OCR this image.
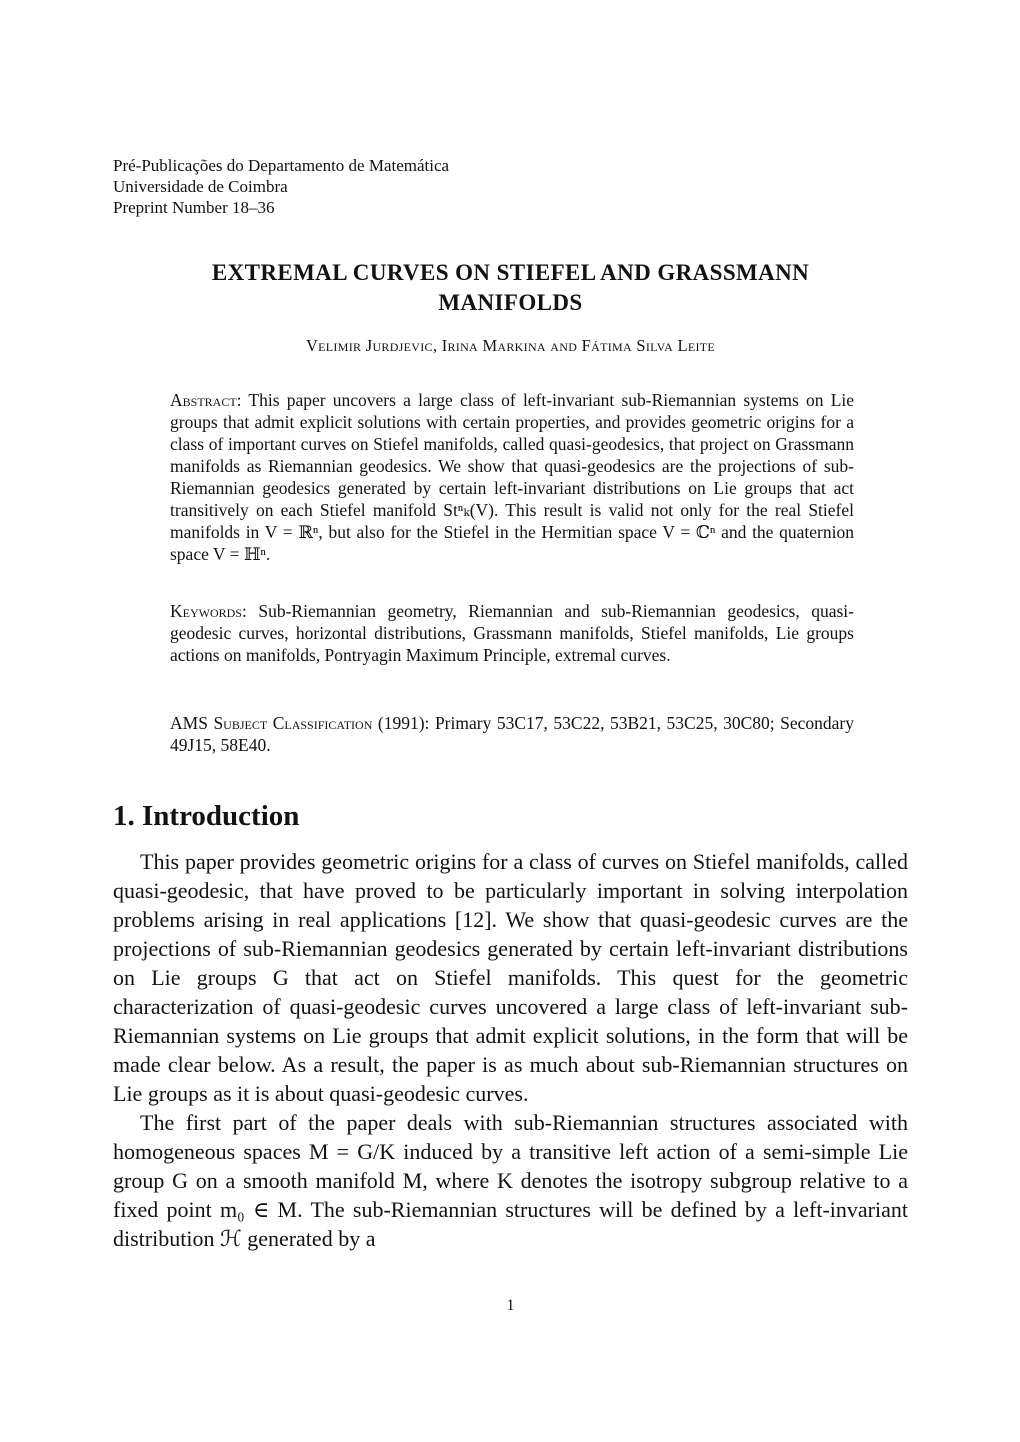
Pré-Publicações do Departamento de Matemática
Universidade de Coimbra
Preprint Number 18–36
EXTREMAL CURVES ON STIEFEL AND GRASSMANN
MANIFOLDS
Velimir Jurdjevic, Irina Markina and Fátima Silva Leite

Abstract: This paper uncovers a large class of left-invariant sub-Riemannian systems on Lie groups that admit explicit solutions with certain properties, and provides geometric origins for a class of important curves on Stiefel manifolds, called quasi-geodesics, that project on Grassmann manifolds as Riemannian geodesics. We show that quasi-geodesics are the projections of sub-Riemannian geodesics generated by certain left-invariant distributions on Lie groups that act transitively on each Stiefel manifold Stⁿₖ(V). This result is valid not only for the real Stiefel manifolds in V = ℝⁿ, but also for the Stiefel in the Hermitian space V = ℂⁿ and the quaternion space V = ℍⁿ.

Keywords: Sub-Riemannian geometry, Riemannian and sub-Riemannian geodesics, quasi-geodesic curves, horizontal distributions, Grassmann manifolds, Stiefel manifolds, Lie groups actions on manifolds, Pontryagin Maximum Principle, extremal curves.

AMS Subject Classification (1991): Primary 53C17, 53C22, 53B21, 53C25, 30C80; Secondary 49J15, 58E40.

1. Introduction

This paper provides geometric origins for a class of curves on Stiefel manifolds, called quasi-geodesic, that have proved to be particularly important in solving interpolation problems arising in real applications [12]. We show that quasi-geodesic curves are the projections of sub-Riemannian geodesics generated by certain left-invariant distributions on Lie groups G that act on Stiefel manifolds. This quest for the geometric characterization of quasi-geodesic curves uncovered a large class of left-invariant sub-Riemannian systems on Lie groups that admit explicit solutions, in the form that will be made clear below. As a result, the paper is as much about sub-Riemannian structures on Lie groups as it is about quasi-geodesic curves.

The first part of the paper deals with sub-Riemannian structures associated with homogeneous spaces M = G/K induced by a transitive left action of a semi-simple Lie group G on a smooth manifold M, where K denotes the isotropy subgroup relative to a fixed point m₀ ∈ M. The sub-Riemannian structures will be defined by a left-invariant distribution ℋ generated by a

1
